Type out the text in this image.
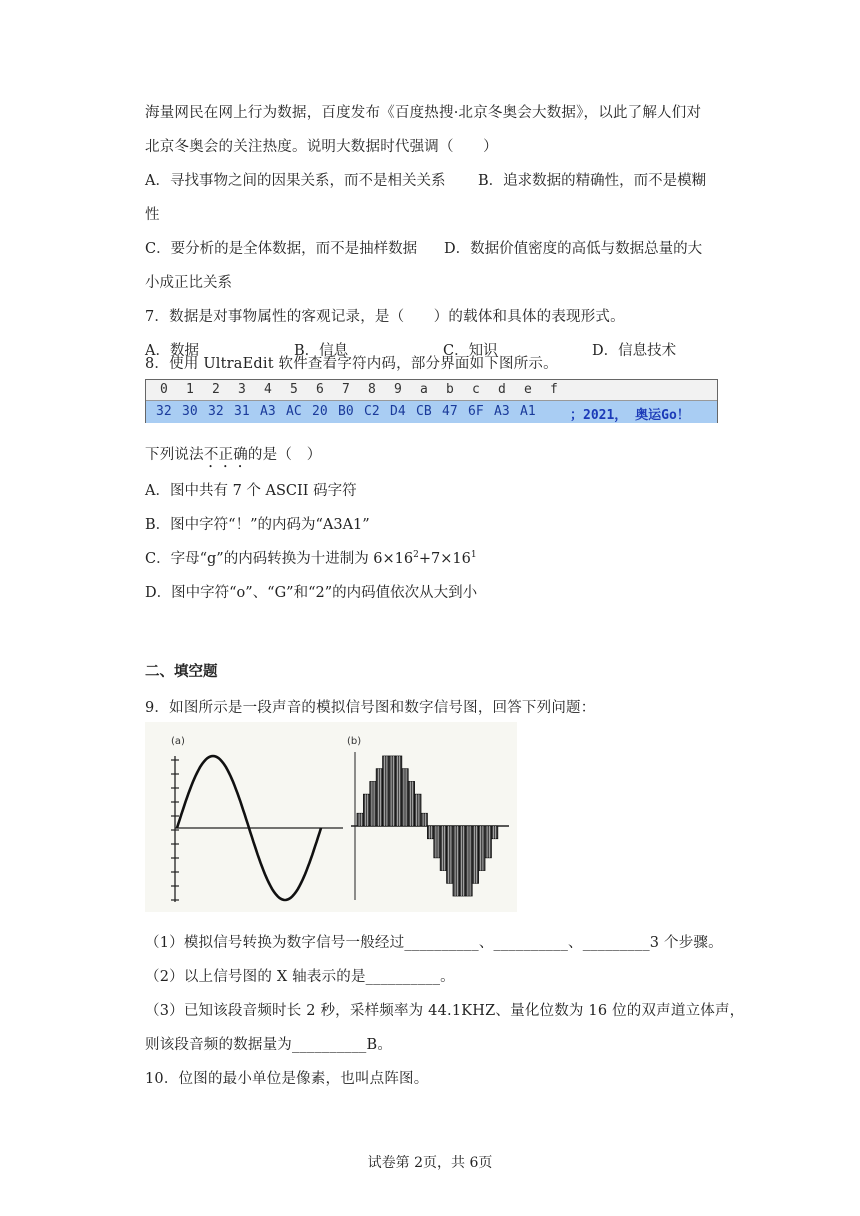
海量网民在网上行为数据，百度发布《百度热搜·北京冬奥会大数据》，以此了解人们对
北京冬奥会的关注热度。说明大数据时代强调（　　）
A．寻找事物之间的因果关系，而不是相关关系 B．追求数据的精确性，而不是模糊
性
C．要分析的是全体数据，而不是抽样数据 D．数据价值密度的高低与数据总量的大
小成正比关系
7．数据是对事物属性的客观记录，是（　　）的载体和具体的表现形式。
A．数据	B．信息	C．知识	D．信息技术
8．使用 UltraEdit 软件查看字符内码，部分界面如下图所示。
0 1 2 3 4 5 6 7 8 9 a b c d e f
32 30 32 31 A3 AC 20 B0 C2 D4 CB 47 6F A3 A1	；2021， 奥运Go！
下列说法不正确的是（　）
A．图中共有 7 个 ASCII 码字符
B．图中字符“！”的内码为“A3A1”
C．字母“g”的内码转换为十进制为 $6\times 16^2+7\times 16^1$
D．图中字符“o”、“G”和“2”的内码值依次从大到小
二、填空题
9．如图所示是一段声音的模拟信号图和数字信号图，回答下列问题：
(a)	(b)
（1）模拟信号转换为数字信号一般经过__________、__________、_________3 个步骤。
（2）以上信号图的 X 轴表示的是__________。
（3）已知该段音频时长 2 秒，采样频率为 44.1KHZ、量化位数为 16 位的双声道立体声，
则该段音频的数据量为__________B。
10．位图的最小单位是像素，也叫点阵图。
试卷第 2页，共 6页
